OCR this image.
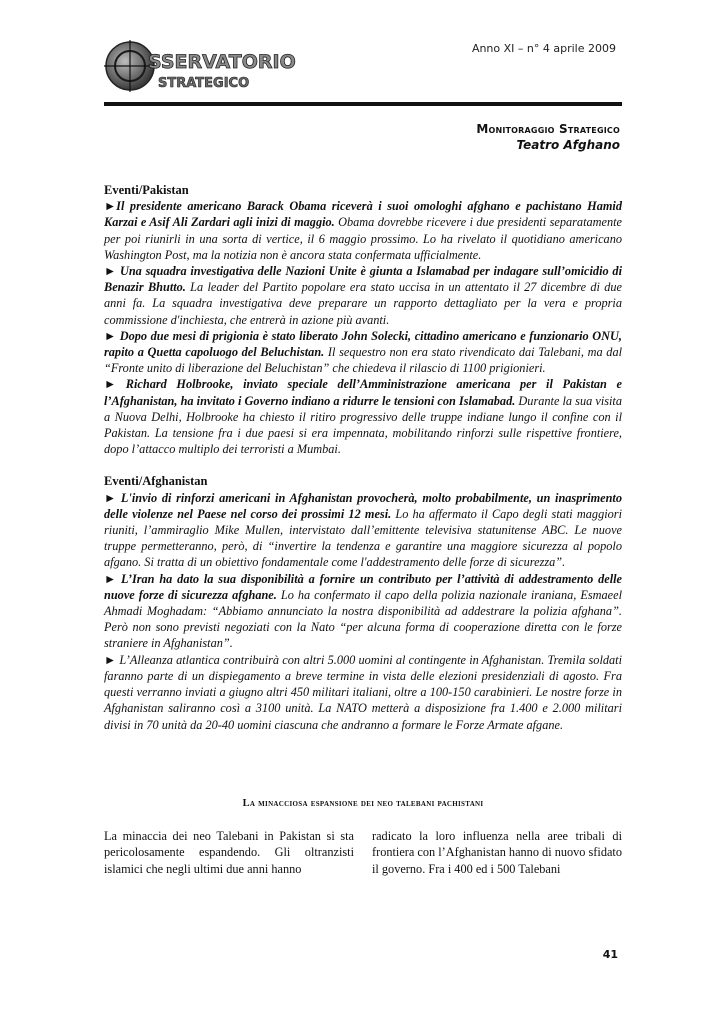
SSERVATORIO
STRATEGICO
Anno XI – n° 4 aprile 2009
Monitoraggio Strategico
Teatro Afghano

Eventi/Pakistan

►Il presidente americano Barack Obama riceverà i suoi omologhi afghano e pachistano Hamid Karzai e Asif Ali Zardari agli inizi di maggio. Obama dovrebbe ricevere i due presidenti separatamente per poi riunirli in una sorta di vertice, il 6 maggio prossimo. Lo ha rivelato il quotidiano americano Washington Post, ma la notizia non è ancora stata confermata ufficialmente.

► Una squadra investigativa delle Nazioni Unite è giunta a Islamabad per indagare sull’omicidio di Benazir Bhutto. La leader del Partito popolare era stato uccisa in un attentato il 27 dicembre di due anni fa. La squadra investigativa deve preparare un rapporto dettagliato per la vera e propria commissione d'inchiesta, che entrerà in azione più avanti.

► Dopo due mesi di prigionia è stato liberato John Solecki, cittadino americano e funzionario ONU, rapito a Quetta capoluogo del Beluchistan. Il sequestro non era stato rivendicato dai Talebani, ma dal “Fronte unito di liberazione del Beluchistan” che chiedeva il rilascio di 1100 prigionieri.

► Richard Holbrooke, inviato speciale dell’Amministrazione americana per il Pakistan e l’Afghanistan, ha invitato i Governo indiano a ridurre le tensioni con Islamabad. Durante la sua visita a Nuova Delhi, Holbrooke ha chiesto il ritiro progressivo delle truppe indiane lungo il confine con il Pakistan. La tensione fra i due paesi si era impennata, mobilitando rinforzi sulle rispettive frontiere, dopo l’attacco multiplo dei terroristi a Mumbai.

Eventi/Afghanistan

► L'invio di rinforzi americani in Afghanistan provocherà, molto probabilmente, un inasprimento delle violenze nel Paese nel corso dei prossimi 12 mesi. Lo ha affermato il Capo degli stati maggiori riuniti, l’ammiraglio Mike Mullen, intervistato dall’emittente televisiva statunitense ABC. Le nuove truppe permetteranno, però, di “invertire la tendenza e garantire una maggiore sicurezza al popolo afgano. Si tratta di un obiettivo fondamentale come l'addestramento delle forze di sicurezza”.

► L’Iran ha dato la sua disponibilità a fornire un contributo per l’attività di addestramento delle nuove forze di sicurezza afghane. Lo ha confermato il capo della polizia nazionale iraniana, Esmaeel Ahmadi Moghadam: “Abbiamo annunciato la nostra disponibilità ad addestrare la polizia afghana”. Però non sono previsti negoziati con la Nato “per alcuna forma di cooperazione diretta con le forze straniere in Afghanistan”.

► L’Alleanza atlantica contribuirà con altri 5.000 uomini al contingente in Afghanistan. Tremila soldati faranno parte di un dispiegamento a breve termine in vista delle elezioni presidenziali di agosto. Fra questi verranno inviati a giugno altri 450 militari italiani, oltre a 100-150 carabinieri. Le nostre forze in Afghanistan saliranno così a 3100 unità. La NATO metterà a disposizione fra 1.400 e 2.000 militari divisi in 70 unità da 20-40 uomini ciascuna che andranno a formare le Forze Armate afgane.

La minacciosa espansione dei neo talebani pachistani

La minaccia dei neo Talebani in Pakistan si sta pericolosamente espandendo. Gli oltranzisti islamici che negli ultimi due anni hanno

radicato la loro influenza nella aree tribali di frontiera con l’Afghanistan hanno di nuovo sfidato il governo. Fra i 400 ed i 500 Talebani

41
